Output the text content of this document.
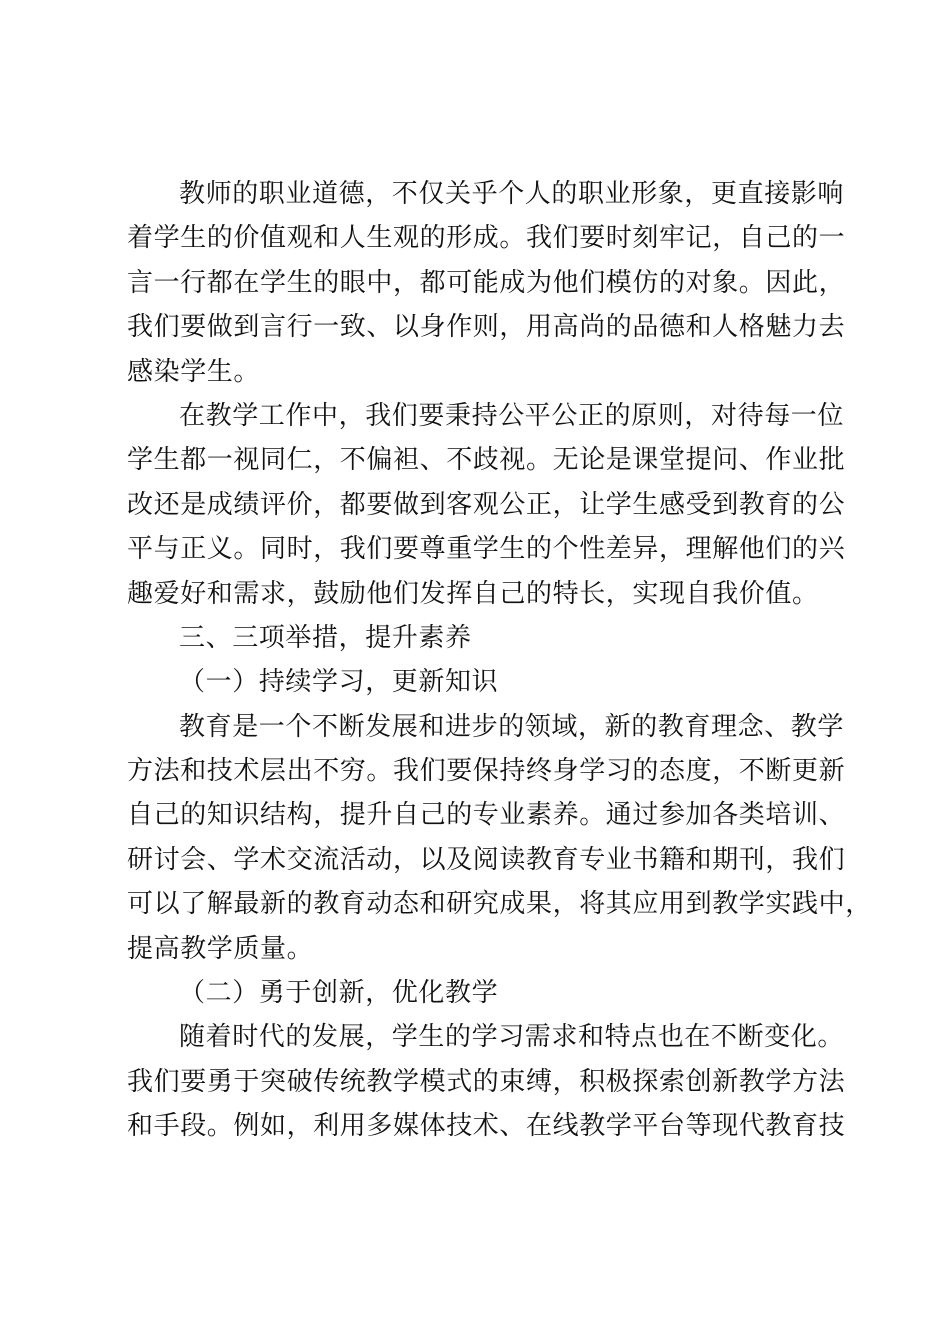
教师的职业道德，不仅关乎个人的职业形象，更直接影响
着学生的价值观和人生观的形成。我们要时刻牢记，自己的一
言一行都在学生的眼中，都可能成为他们模仿的对象。因此，
我们要做到言行一致、以身作则，用高尚的品德和人格魅力去
感染学生。
在教学工作中，我们要秉持公平公正的原则，对待每一位
学生都一视同仁，不偏袒、不歧视。无论是课堂提问、作业批
改还是成绩评价，都要做到客观公正，让学生感受到教育的公
平与正义。同时，我们要尊重学生的个性差异，理解他们的兴
趣爱好和需求，鼓励他们发挥自己的特长，实现自我价值。
三、三项举措，提升素养
（一）持续学习，更新知识
教育是一个不断发展和进步的领域，新的教育理念、教学
方法和技术层出不穷。我们要保持终身学习的态度，不断更新
自己的知识结构，提升自己的专业素养。通过参加各类培训、
研讨会、学术交流活动，以及阅读教育专业书籍和期刊，我们
可以了解最新的教育动态和研究成果，将其应用到教学实践中，
提高教学质量。
（二）勇于创新，优化教学
随着时代的发展，学生的学习需求和特点也在不断变化。
我们要勇于突破传统教学模式的束缚，积极探索创新教学方法
和手段。例如，利用多媒体技术、在线教学平台等现代教育技
